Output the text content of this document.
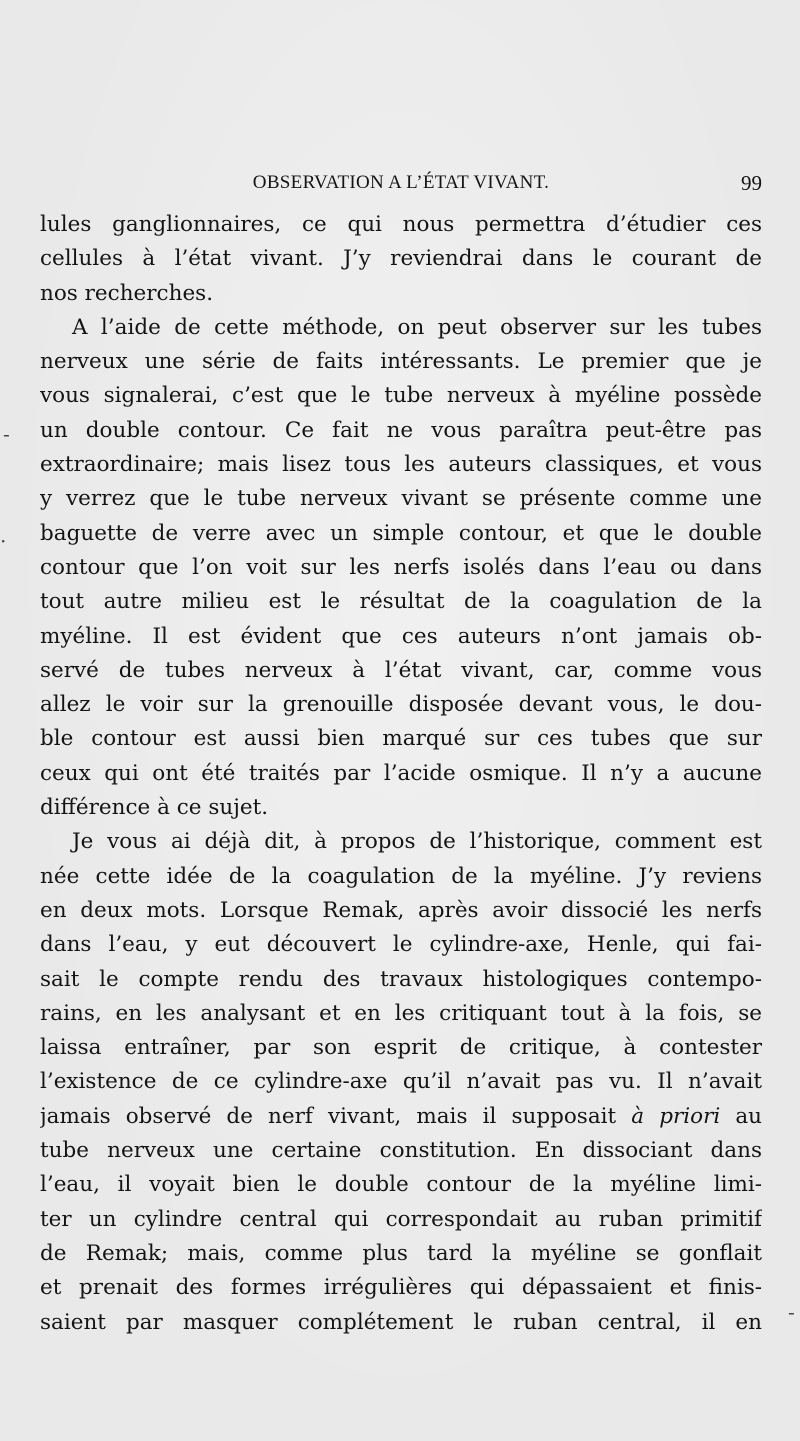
OBSERVATION A L’ÉTAT VIVANT.	99
lules ganglionnaires, ce qui nous permettra d’étudier ces
cellules à l’état vivant. J’y reviendrai dans le courant de
nos recherches.
A l’aide de cette méthode, on peut observer sur les tubes
nerveux une série de faits intéressants. Le premier que je
vous signalerai, c’est que le tube nerveux à myéline possède
un double contour. Ce fait ne vous paraîtra peut-être pas
extraordinaire; mais lisez tous les auteurs classiques, et vous
y verrez que le tube nerveux vivant se présente comme une
baguette de verre avec un simple contour, et que le double
contour que l’on voit sur les nerfs isolés dans l’eau ou dans
tout autre milieu est le résultat de la coagulation de la
myéline. Il est évident que ces auteurs n’ont jamais ob-
servé de tubes nerveux à l’état vivant, car, comme vous
allez le voir sur la grenouille disposée devant vous, le dou-
ble contour est aussi bien marqué sur ces tubes que sur
ceux qui ont été traités par l’acide osmique. Il n’y a aucune
différence à ce sujet.
Je vous ai déjà dit, à propos de l’historique, comment est
née cette idée de la coagulation de la myéline. J’y reviens
en deux mots. Lorsque Remak, après avoir dissocié les nerfs
dans l’eau, y eut découvert le cylindre-axe, Henle, qui fai-
sait le compte rendu des travaux histologiques contempo-
rains, en les analysant et en les critiquant tout à la fois, se
laissa entraîner, par son esprit de critique, à contester
l’existence de ce cylindre-axe qu’il n’avait pas vu. Il n’avait
jamais observé de nerf vivant, mais il supposait à priori au
tube nerveux une certaine constitution. En dissociant dans
l’eau, il voyait bien le double contour de la myéline limi-
ter un cylindre central qui correspondait au ruban primitif
de Remak; mais, comme plus tard la myéline se gonflait
et prenait des formes irrégulières qui dépassaient et finis-
saient par masquer complétement le ruban central, il en
-
·
-
